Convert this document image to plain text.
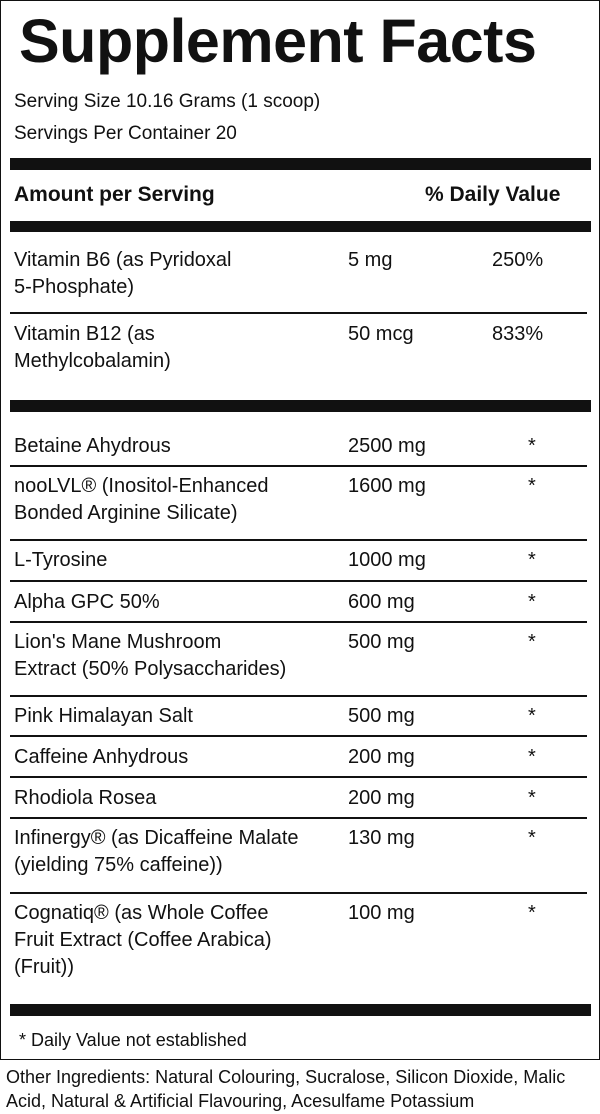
Supplement Facts
Serving Size 10.16 Grams (1 scoop)
Servings Per Container 20
Amount per Serving	% Daily Value
Vitamin B6 (as Pyridoxal
5-Phosphate)
5 mg	250%
Vitamin B12 (as
Methylcobalamin)
50 mcg	833%
Betaine Ahydrous	2500 mg	*
nooLVL® (Inositol-Enhanced
Bonded Arginine Silicate)
1600 mg	*
L-Tyrosine	1000 mg	*
Alpha GPC 50%	600 mg	*
Lion's Mane Mushroom
Extract (50% Polysaccharides)
500 mg	*
Pink Himalayan Salt	500 mg	*
Caffeine Anhydrous	200 mg	*
Rhodiola Rosea	200 mg	*
Infinergy® (as Dicaffeine Malate
(yielding 75% caffeine))
130 mg	*
Cognatiq® (as Whole Coffee
Fruit Extract (Coffee Arabica)
(Fruit))
100 mg	*
* Daily Value not established
Other Ingredients: Natural Colouring, Sucralose, Silicon Dioxide, Malic Acid, Natural & Artificial Flavouring, Acesulfame Potassium
